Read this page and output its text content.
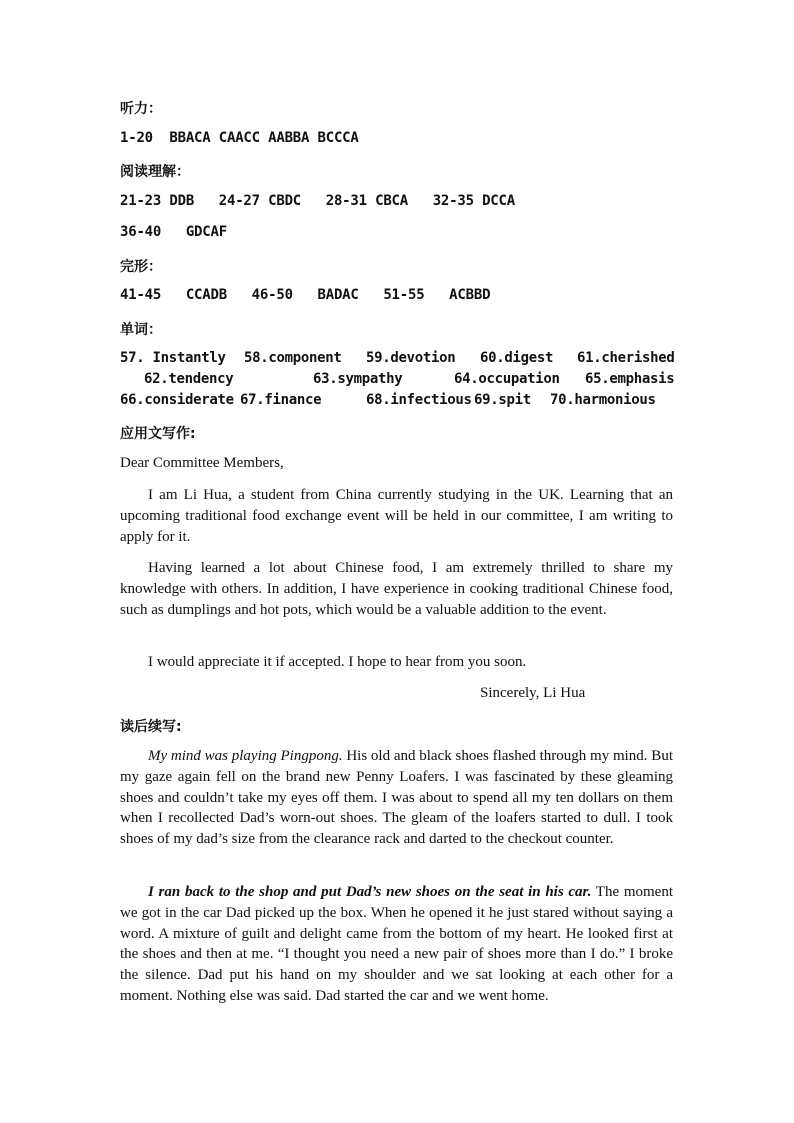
听力：
1-20  BBACA CAACC AABBA BCCCA
阅读理解：
21-23 DDB   24-27 CBDC   28-31 CBCA   32-35 DCCA
36-40   GDCAF
完形：
41-45   CCADB   46-50   BADAC   51-55   ACBBD
单词：
57. Instantly 58.component 59.devotion 60.digest 61.cherished
62.tendency	63.sympathy	64.occupation 65.emphasis
66.considerate 67.finance	68.infectious 69.spit 70.harmonious
应用文写作:
Dear Committee Members,
I am Li Hua, a student from China currently studying in the UK. Learning that an upcoming traditional food exchange event will be held in our committee, I am writing to apply for it.
Having learned a lot about Chinese food, I am extremely thrilled to share my knowledge with others. In addition, I have experience in cooking traditional Chinese food, such as dumplings and hot pots, which would be a valuable addition to the event.
I would appreciate it if accepted. I hope to hear from you soon.
Sincerely, Li Hua
读后续写:
My mind was playing Pingpong. His old and black shoes flashed through my mind. But my gaze again fell on the brand new Penny Loafers. I was fascinated by these gleaming shoes and couldn’t take my eyes off them. I was about to spend all my ten dollars on them when I recollected Dad’s worn-out shoes. The gleam of the loafers started to dull. I took shoes of my dad’s size from the clearance rack and darted to the checkout counter.
I ran back to the shop and put Dad’s new shoes on the seat in his car. The moment we got in the car Dad picked up the box. When he opened it he just stared without saying a word. A mixture of guilt and delight came from the bottom of my heart. He looked first at the shoes and then at me. “I thought you need a new pair of shoes more than I do.” I broke the silence. Dad put his hand on my shoulder and we sat looking at each other for a moment. Nothing else was said. Dad started the car and we went home.
